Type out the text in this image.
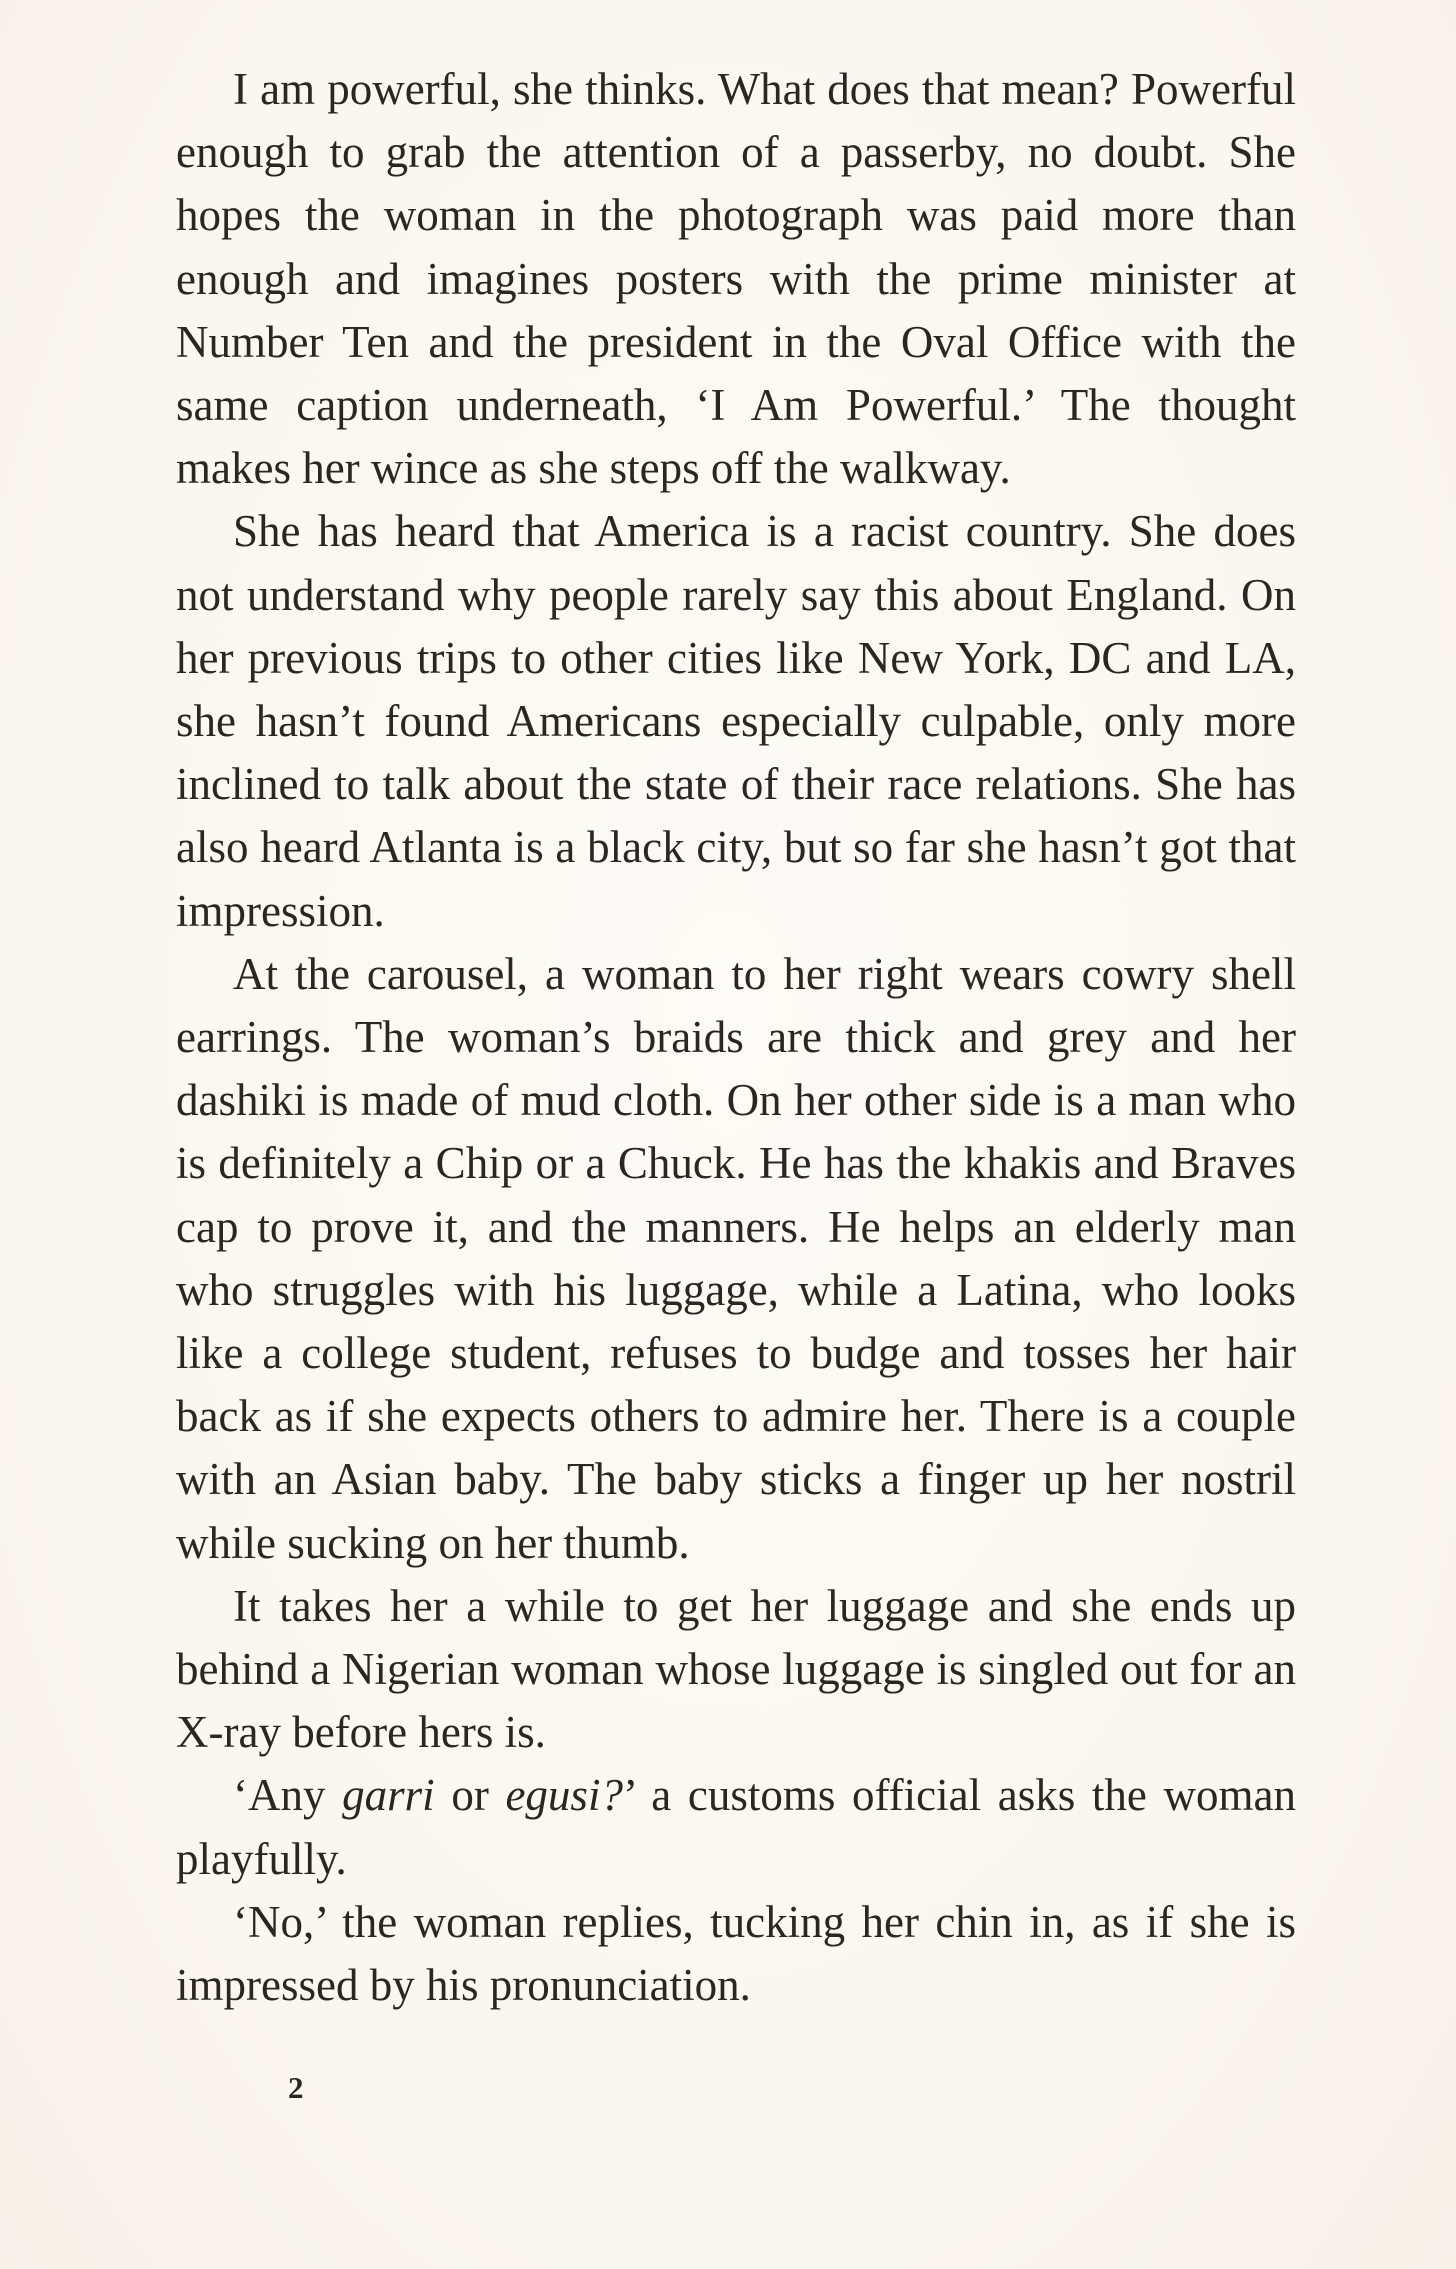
I am powerful, she thinks. What does that mean? Powerful enough to grab the attention of a passerby, no doubt. She hopes the woman in the photograph was paid more than enough and imagines posters with the prime minister at Number Ten and the president in the Oval Office with the same caption underneath, ‘I Am Powerful.’ The thought makes her wince as she steps off the walkway.

She has heard that America is a racist country. She does not understand why people rarely say this about England. On her previous trips to other cities like New York, DC and LA, she hasn’t found Americans especially culpable, only more inclined to talk about the state of their race relations. She has also heard Atlanta is a black city, but so far she hasn’t got that impression.

At the carousel, a woman to her right wears cowry shell earrings. The woman’s braids are thick and grey and her dashiki is made of mud cloth. On her other side is a man who is definitely a Chip or a Chuck. He has the khakis and Braves cap to prove it, and the manners. He helps an elderly man who struggles with his luggage, while a Latina, who looks like a college student, refuses to budge and tosses her hair back as if she expects others to admire her. There is a couple with an Asian baby. The baby sticks a finger up her nostril while sucking on her thumb.

It takes her a while to get her luggage and she ends up behind a Nigerian woman whose luggage is singled out for an X-ray before hers is.

‘Any garri or egusi?’ a customs official asks the woman playfully.

‘No,’ the woman replies, tucking her chin in, as if she is impressed by his pronunciation.

2
